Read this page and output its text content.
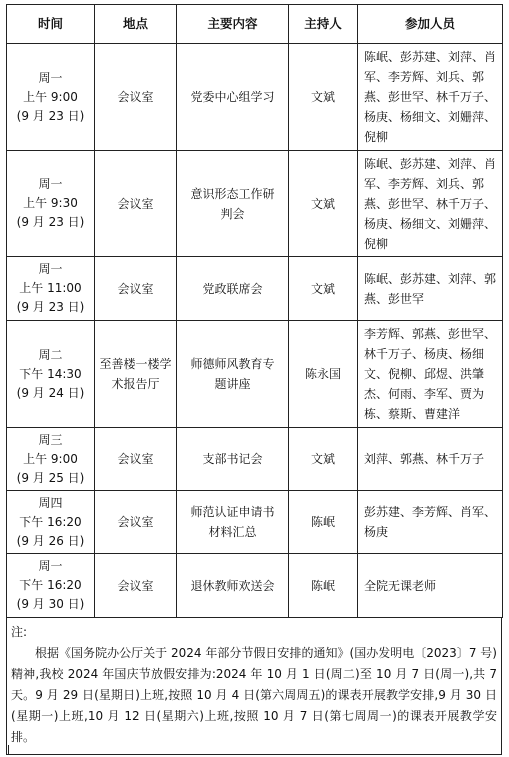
时间	地点	主要内容	主持人	参加人员

周一
上午 9:00
(9 月 23 日)	会议室	党委中心组学习	文斌	陈岷、彭苏建、刘萍、肖军、李芳辉、刘兵、郭燕、彭世罕、林千万子、杨庚、杨细文、刘姗萍、倪柳

周一
上午 9:30
(9 月 23 日)	会议室	意识形态工作研判会	文斌	陈岷、彭苏建、刘萍、肖军、李芳辉、刘兵、郭燕、彭世罕、林千万子、杨庚、杨细文、刘姗萍、倪柳

周一
上午 11:00
(9 月 23 日)	会议室	党政联席会	文斌	陈岷、彭苏建、刘萍、郭燕、彭世罕

周二
下午 14:30
(9 月 24 日)	至善楼一楼学术报告厅	师德师风教育专题讲座	陈永国	李芳辉、郭燕、彭世罕、林千万子、杨庚、杨细文、倪柳、邱煜、洪肇杰、何雨、李军、贾为栋、蔡斯、曹建洋

周三
上午 9:00
(9 月 25 日)	会议室	支部书记会	文斌	刘萍、郭燕、林千万子

周四
下午 16:20
(9 月 26 日)	会议室	师范认证申请书材料汇总	陈岷	彭苏建、李芳辉、肖军、杨庚

周一
下午 16:20
(9 月 30 日)	会议室	退休教师欢送会	陈岷	全院无课老师
注:
根据《国务院办公厅关于 2024 年部分节假日安排的通知》(国办发明电〔2023〕7 号)精神,我校 2024 年国庆节放假安排为:2024 年 10 月 1 日(周二)至 10 月 7 日(周一),共 7 天。9 月 29 日(星期日)上班,按照 10 月 4 日(第六周周五)的课表开展教学安排,9 月 30 日(星期一)上班,10 月 12 日(星期六)上班,按照 10 月 7 日(第七周周一)的课表开展教学安排。
